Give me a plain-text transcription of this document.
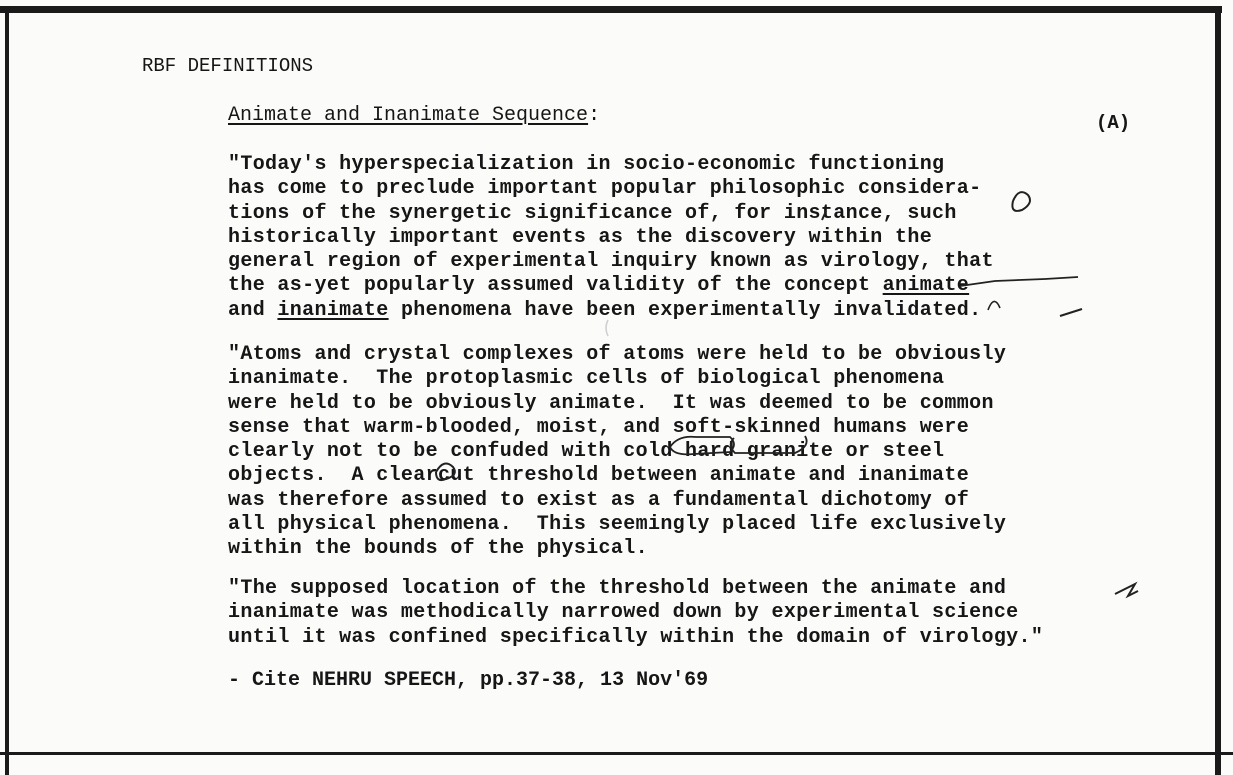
RBF DEFINITIONS
Animate and Inanimate Sequence:	(A)
"Today's hyperspecialization in socio-economic functioning
has come to preclude important popular philosophic considera-
tions of the synergetic significance of, for instance, such
historically important events as the discovery within the
general region of experimental inquiry known as virology, that
the as-yet popularly assumed validity of the concept animate
and inanimate phenomena have been experimentally invalidated.
"Atoms and crystal complexes of atoms were held to be obviously
inanimate.  The protoplasmic cells of biological phenomena
were held to be obviously animate.  It was deemed to be common
sense that warm-blooded, moist, and soft-skinned humans were
clearly not to be confuded with cold hard granite or steel
objects.  A clearcut threshold between animate and inanimate
was therefore assumed to exist as a fundamental dichotomy of
all physical phenomena.  This seemingly placed life exclusively
within the bounds of the physical.
"The supposed location of the threshold between the animate and
inanimate was methodically narrowed down by experimental science
until it was confined specifically within the domain of virology."
- Cite NEHRU SPEECH, pp.37-38, 13 Nov'69
